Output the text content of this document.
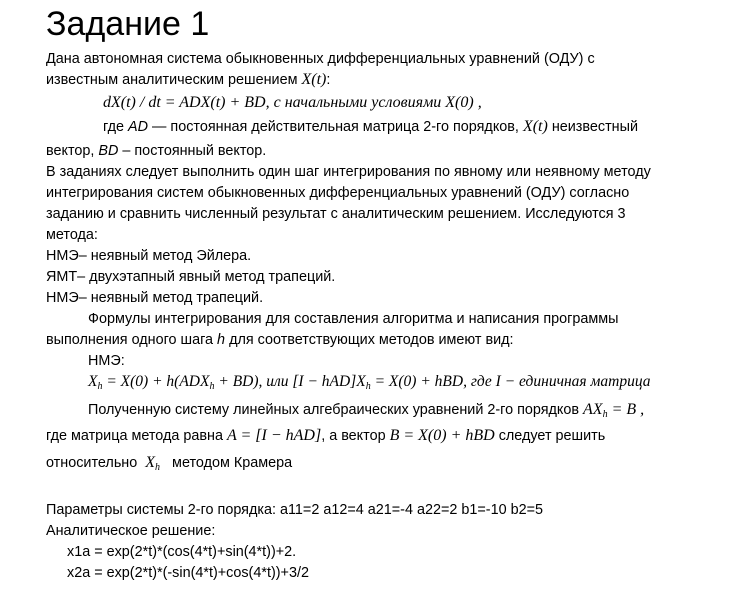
Задание 1
Дана автономная система обыкновенных дифференциальных уравнений (ОДУ) с
известным аналитическим решением X(t):
dX(t) / dt = ADX(t) + BD, с начальными условиями X(0) ,
где AD — постоянная действительная матрица 2-го порядков, X(t) неизвестный
вектор, BD – постоянный вектор.
В заданиях следует выполнить один шаг интегрирования по явному или неявному методу
интегрирования систем обыкновенных дифференциальных уравнений (ОДУ) согласно
заданию и сравнить численный результат с аналитическим решением. Исследуются 3
метода:
НМЭ– неявный метод Эйлера.
ЯМТ– двухэтапный явный метод трапеций.
НМЭ– неявный метод трапеций.
Формулы интегрирования для составления алгоритма и написания программы
выполнения одного шага h для соответствующих методов имеют вид:
НМЭ:
$X_h = X(0) + h(ADX_h + BD)$, или $[I - hAD]X_h = X(0)$ + hBD, где I − единичная матрица
Полученную систему линейных алгебраических уравнений 2-го порядков $AX_h = B$ ,
где матрица метода равна A = [I − hAD], а вектор B = X(0) + hBD следует решить
относительно $X_h$ методом Крамера
Параметры системы 2-го порядка: a11=2 a12=4 a21=-4 a22=2 b1=-10 b2=5
Аналитическое решение:
x1a = exp(2*t)*(cos(4*t)+sin(4*t))+2.
x2a = exp(2*t)*(-sin(4*t)+cos(4*t))+3/2
